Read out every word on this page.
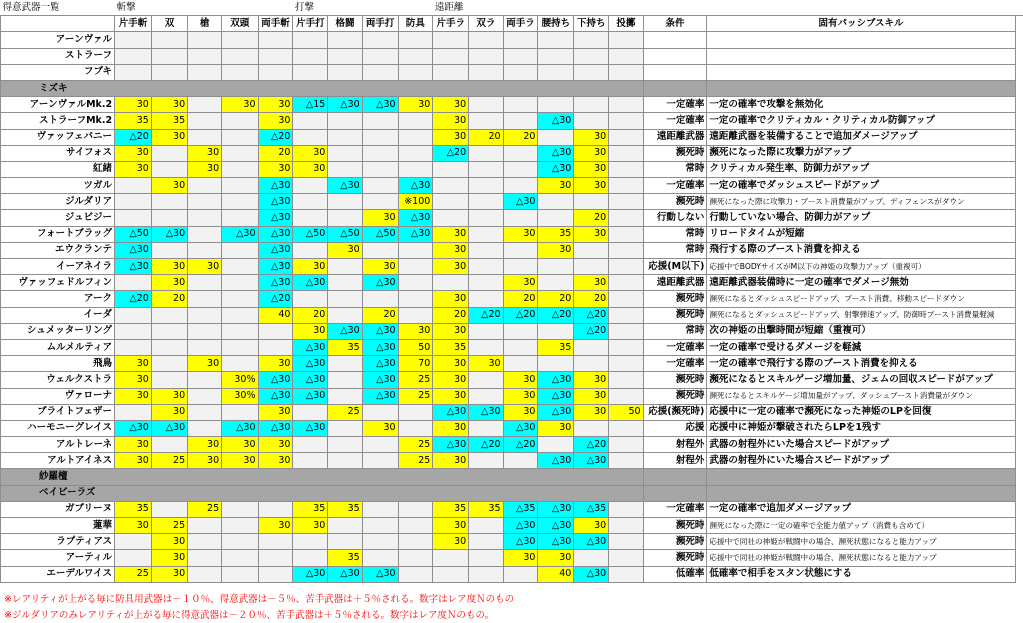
得意武器一覧	斬撃					打撃				遠距離									
	片手斬	双	槍	双頭	両手斬	片手打	格闘	両手打	防具	片手ラ	双ラ	両手ラ	腰持ち	下持ち	投擲	条件	固有パッシブスキル		
アーンヴァル																			
ストラーフ																			
フブキ																			
ミズキ																			
アーンヴァルMk.2	30	30		30	30	△15	△30	△30	30	30						一定確率	一定の確率で攻撃を無効化		
ストラーフMk.2	35	35			30					30			△30			一定確率	一定の確率でクリティカル・クリティカル防御アップ		
ヴァッフェバニー	△20	30			△20					30	20	20		30		遠距離武器	遠距離武器を装備することで追加ダメージアップ		
サイフォス	30		30		20	30				△20			△30	30		瀕死時	瀕死になった際に攻撃力がアップ		
紅緒	30		30		30	30							△30	30		常時	クリティカル発生率、防御力がアップ		
ツガル		30			△30		△30		△30				30	30		一定確率	一定の確率でダッシュスピードがアップ		
ジルダリア					△30				※100			△30				瀕死時	瀕死になった際に攻撃力・ブースト消費量がアップ、ディフェンスがダウン		
ジュビジー					△30			30	△30					20		行動しない	行動していない場合、防御力がアップ		
フォートブラッグ	△50	△30		△30	△30	△50	△50	△50	△30	30		30	35	30		常時	リロードタイムが短縮		
エウクランテ	△30				△30		30			30			30			常時	飛行する際のブースト消費を抑える		
イーアネイラ	△30	30	30		△30	30		30		30						応援(M以下)	応援中でBODYサイズがM以下の神姫の攻撃力アップ（重複可）		
ヴァッフェドルフィン		30			△30	△30		△30				30		30		遠距離武器	遠距離武器装備時に一定の確率でダメージ無効		
アーク	△20	20			△20					30		20	20	20		瀕死時	瀕死になるとダッシュスピードアップ、ブースト消費、移動スピードダウン		
イーダ					40	20		20		20	△20	△20	△20	△20		瀕死時	瀕死になるとダッシュスピードアップ、射撃弾速アップ、防御時ブースト消費量軽減		
シュメッターリング						30	△30	△30	30	30				△20		常時	次の神姫の出撃時間が短縮（重複可）		
ムルメルティア						△30	35	△30	50	35			35			一定確率	一定の確率で受けるダメージを軽減		
飛鳥	30		30		30	△30		△30	70	30	30					一定確率	一定の確率で飛行する際のブースト消費を抑える		
ウェルクストラ	30			30%	△30	△30		△30	25	30		30	△30	30		瀕死時	瀕死になるとスキルゲージ増加量、ジェムの回収スピードがアップ		
ヴァローナ	30	30		30%	△30	△30		△30	25	30		30	△30	30		瀕死時	瀕死になるとスキルゲージ増加量がアップ、ダッシュブースト消費量がダウン		
ブライトフェザー		30			30		25			△30	△30	30	△30	30	50	応援(瀕死時)	応援中に一定の確率で瀕死になった神姫のLPを回復		
ハーモニーグレイス	△30	△30		△30	△30	△30		30		30		△30	30			応援	応援中に神姫が撃破されたらLPを1残す		
アルトレーネ	30		30	30	30				25	△30	△20	△20		△20		射程外	武器の射程外にいた場合スピードがアップ		
アルトアイネス	30	25	30	30	30				25	30			△30	△30		射程外	武器の射程外にいた場合スピードがアップ		
紗羅檀																			
ベイビーラズ																			
ガブリーヌ	35		25			35	35			35	35	△35	△30	△35		一定確率	一定の確率で追加ダメージアップ		
蓮華	30	25			30	30				30		△30	△30	30		瀕死時	瀕死になった際に一定の確率で全能力値アップ（消費も含めて）		
ラプティアス		30								30		△30	△30	△30		瀕死時	応援中で同社の神姫が戦闘中の場合、瀕死状態になると能力アップ		
アーティル		30					35					30	30			瀕死時	応援中で同社の神姫が戦闘中の場合、瀕死状態になると能力アップ		
エーデルワイス	25	30				△30	△30	△30					40	△30		低確率	低確率で相手をスタン状態にする		
※レアリティが上がる毎に防具用武器は－１０％、得意武器は－５％、苦手武器は＋５％される。数字はレア度Ｎのもの
※ジルダリアのみレアリティが上がる毎に得意武器は－２０％、苦手武器は＋５％される。数字はレア度Ｎのもの。
